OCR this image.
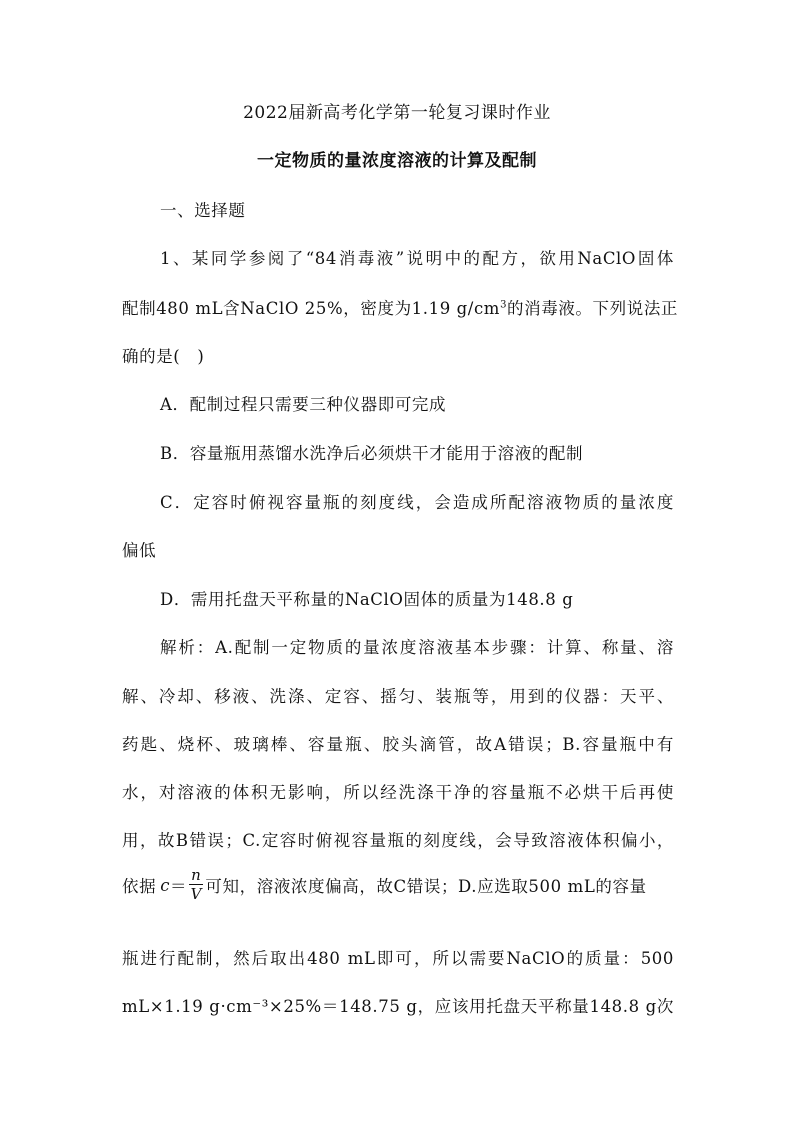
2022届新高考化学第一轮复习课时作业
一定物质的量浓度溶液的计算及配制
一、选择题
1、某同学参阅了“84消毒液”说明中的配方，欲用NaClO固体
配制480 mL含NaClO 25%，密度为1.19 $g/cm^3$的消毒液。下列说法正
确的是(　)
A．配制过程只需要三种仪器即可完成
B．容量瓶用蒸馏水洗净后必须烘干才能用于溶液的配制
C．定容时俯视容量瓶的刻度线，会造成所配溶液物质的量浓度
偏低
D．需用托盘天平称量的NaClO固体的质量为148.8 g
解析：A.配制一定物质的量浓度溶液基本步骤：计算、称量、溶
解、冷却、移液、洗涤、定容、摇匀、装瓶等，用到的仪器：天平、
药匙、烧杯、玻璃棒、容量瓶、胶头滴管，故A错误；B.容量瓶中有
水，对溶液的体积无影响，所以经洗涤干净的容量瓶不必烘干后再使
用，故B错误；C.定容时俯视容量瓶的刻度线，会导致溶液体积偏小，
依据 $c = \frac{n}{V}$ 可知，溶液浓度偏高，故C错误；D.应选取500 mL的容量
瓶进行配制，然后取出480 mL即可，所以需要NaClO的质量：500
mL×1.19 g·cm⁻³×25%＝148.75 g，应该用托盘天平称量148.8 g次
